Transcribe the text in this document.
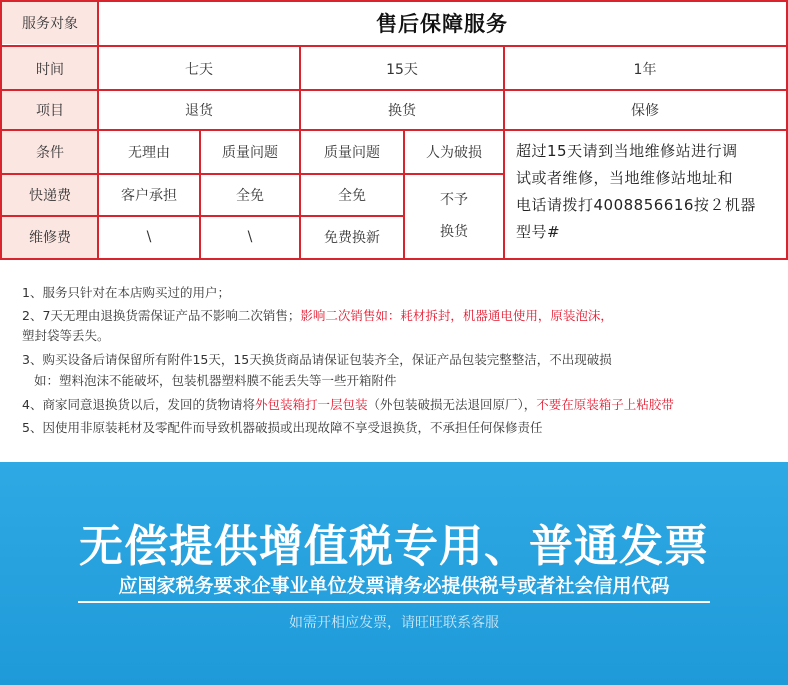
服务对象	售后保障服务
时间	七天	15天	1年
项目	退货	换货	保修
条件	无理由	质量问题	质量问题	人为破损
快递费	客户承担	全免	全免	不予
换货
维修费	\	\	免费换新
超过15天请到当地维修站进行调
试或者维修，当地维修站地址和
电话请拨打4008856616按２机器
型号#
1、服务只针对在本店购买过的用户；
2、7天无理由退换货需保证产品不影响二次销售；影响二次销售如：耗材拆封，机器通电使用，原装泡沫，
塑封袋等丢失。
3、购买设备后请保留所有附件15天，15天换货商品请保证包装齐全，保证产品包装完整整洁，不出现破损
如：塑料泡沫不能破坏，包装机器塑料膜不能丢失等一些开箱附件
4、商家同意退换货以后，发回的货物请将外包装箱打一层包装（外包装破损无法退回原厂），不要在原装箱子上粘胶带
5、因使用非原装耗材及零配件而导致机器破损或出现故障不享受退换货，不承担任何保修责任
无偿提供增值税专用、普通发票
应国家税务要求企事业单位发票请务必提供税号或者社会信用代码
如需开相应发票，请旺旺联系客服
